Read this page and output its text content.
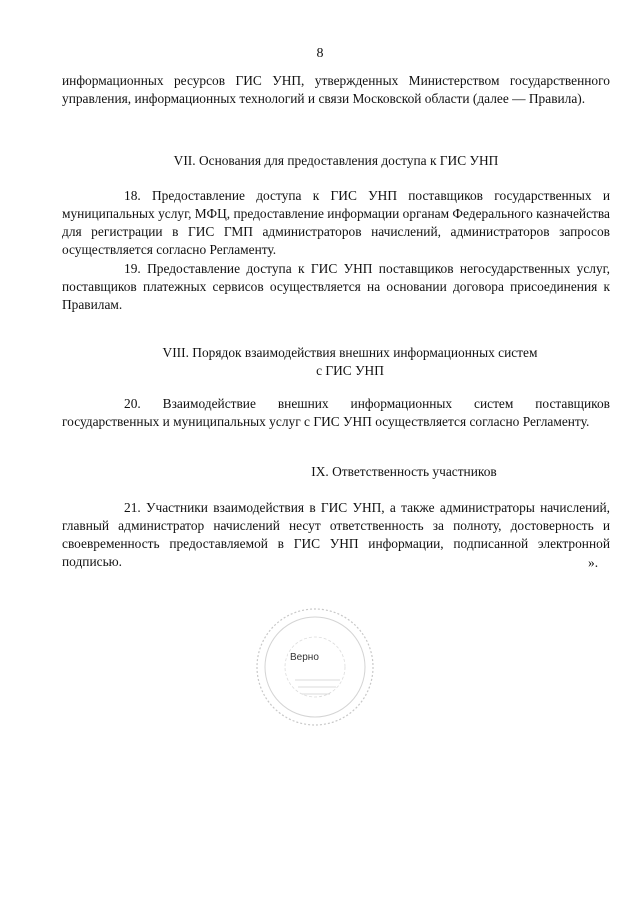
8
информационных ресурсов ГИС УНП, утвержденных Министерством государственного управления, информационных технологий и связи Московской области (далее — Правила).
VII. Основания для предоставления доступа к ГИС УНП
18. Предоставление доступа к ГИС УНП поставщиков государственных и муниципальных услуг, МФЦ, предоставление информации органам Федерального казначейства для регистрации в ГИС ГМП администраторов начислений, администраторов запросов осуществляется согласно Регламенту.
19. Предоставление доступа к ГИС УНП поставщиков негосударственных услуг, поставщиков платежных сервисов осуществляется на основании договора присоединения к Правилам.
VIII. Порядок взаимодействия внешних информационных систем
с ГИС УНП
20. Взаимодействие внешних информационных систем поставщиков государственных и муниципальных услуг с ГИС УНП осуществляется согласно Регламенту.
IX. Ответственность участников
21. Участники взаимодействия в ГИС УНП, а также администраторы начислений, главный администратор начислений несут ответственность за полноту, достоверность и своевременность предоставляемой в ГИС УНП информации, подписанной электронной подписью.	».
Верно
